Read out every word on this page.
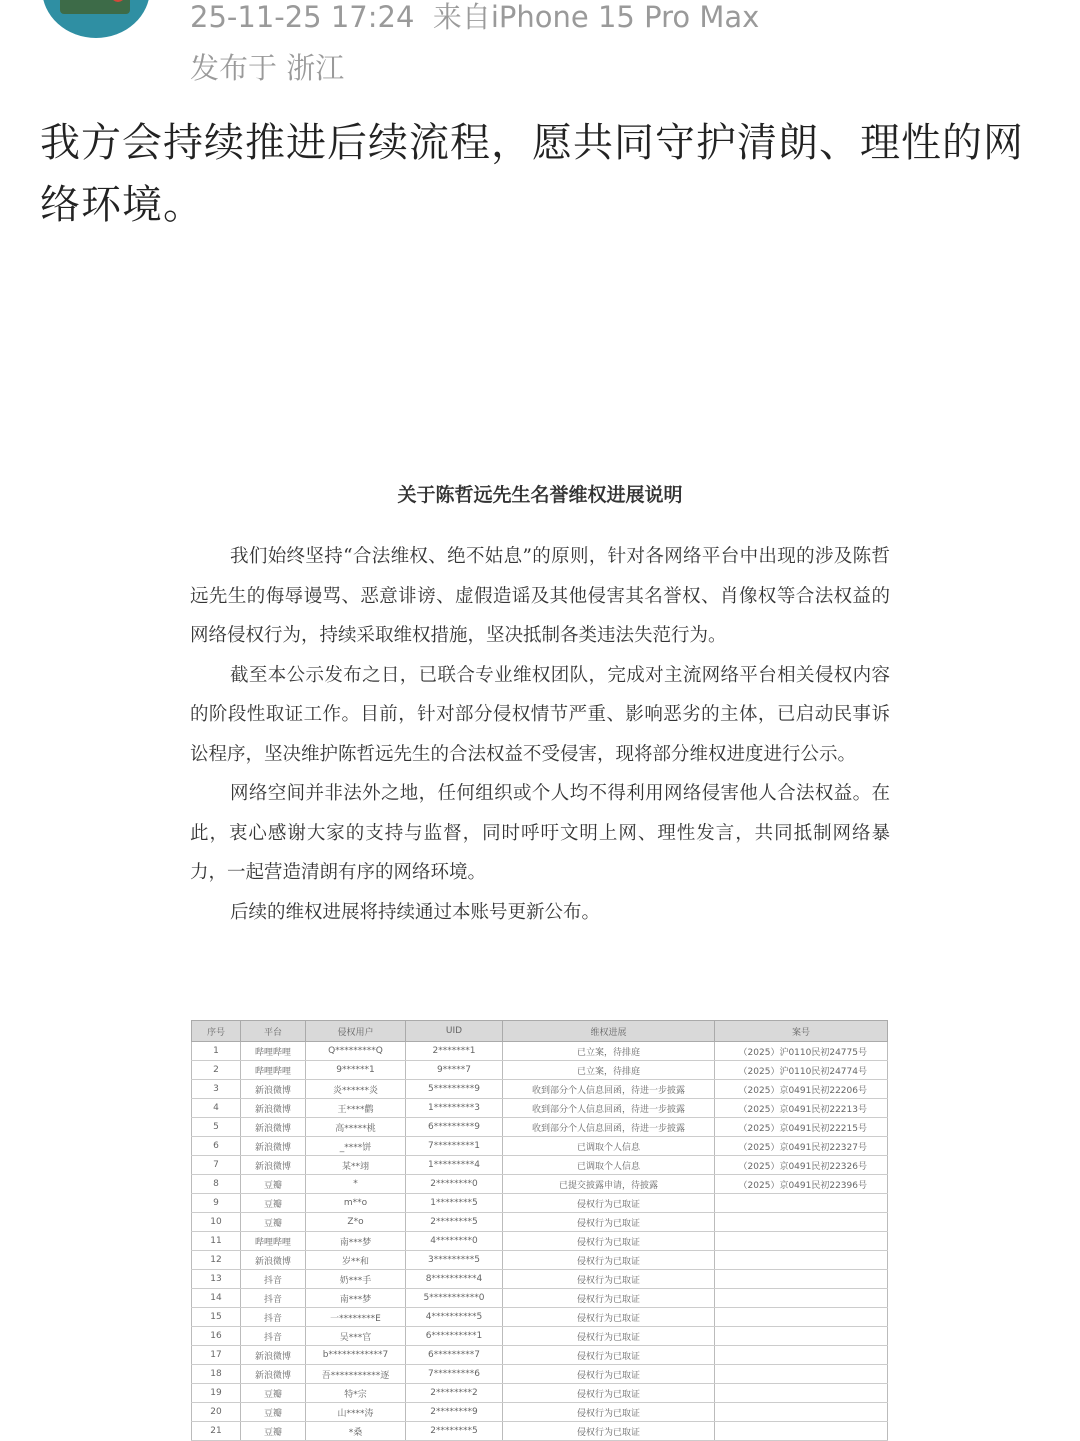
25-11-25 17:24 来自iPhone 15 Pro Max
发布于 浙江
我方会持续推进后续流程，愿共同守护清朗、理性的网络环境。
关于陈哲远先生名誉维权进展说明

我们始终坚持“合法维权、绝不姑息”的原则，针对各网络平台中出现的涉及陈哲远先生的侮辱谩骂、恶意诽谤、虚假造谣及其他侵害其名誉权、肖像权等合法权益的网络侵权行为，持续采取维权措施，坚决抵制各类违法失范行为。

截至本公示发布之日，已联合专业维权团队，完成对主流网络平台相关侵权内容的阶段性取证工作。目前，针对部分侵权情节严重、影响恶劣的主体，已启动民事诉讼程序，坚决维护陈哲远先生的合法权益不受侵害，现将部分维权进度进行公示。

网络空间并非法外之地，任何组织或个人均不得利用网络侵害他人合法权益。在此，衷心感谢大家的支持与监督，同时呼吁文明上网、理性发言，共同抵制网络暴力，一起营造清朗有序的网络环境。

后续的维权进展将持续通过本账号更新公布。

序号	平台	侵权用户	UID	维权进展	案号
1	哔哩哔哩	Q*********Q	2*******1	已立案，待排庭	（2025）沪0110民初24775号
2	哔哩哔哩	9******1	9*****7	已立案，待排庭	（2025）沪0110民初24774号
3	新浪微博	炎******炎	5*********9	收到部分个人信息回函，待进一步披露	（2025）京0491民初22206号
4	新浪微博	王****鹳	1*********3	收到部分个人信息回函，待进一步披露	（2025）京0491民初22213号
5	新浪微博	高*****桃	6*********9	收到部分个人信息回函，待进一步披露	（2025）京0491民初22215号
6	新浪微博	_****饼	7*********1	已调取个人信息	（2025）京0491民初22327号
7	新浪微博	某**翊	1*********4	已调取个人信息	（2025）京0491民初22326号
8	豆瓣	*	2********0	已提交披露申请，待披露	（2025）京0491民初22396号
9	豆瓣	m**o	1********5	侵权行为已取证	
10	豆瓣	Z*o	2********5	侵权行为已取证	
11	哔哩哔哩	南***梦	4********0	侵权行为已取证	
12	新浪微博	岁**和	3*********5	侵权行为已取证	
13	抖音	奶***手	8**********4	侵权行为已取证	
14	抖音	南***梦	5***********0	侵权行为已取证	
15	抖音	一********E	4**********5	侵权行为已取证	
16	抖音	吴***官	6**********1	侵权行为已取证	
17	新浪微博	b************7	6*********7	侵权行为已取证	
18	新浪微博	吾***********逐	7*********6	侵权行为已取证	
19	豆瓣	特*宗	2********2	侵权行为已取证	
20	豆瓣	山****涛	2********9	侵权行为已取证	
21	豆瓣	*桑	2********5	侵权行为已取证	
